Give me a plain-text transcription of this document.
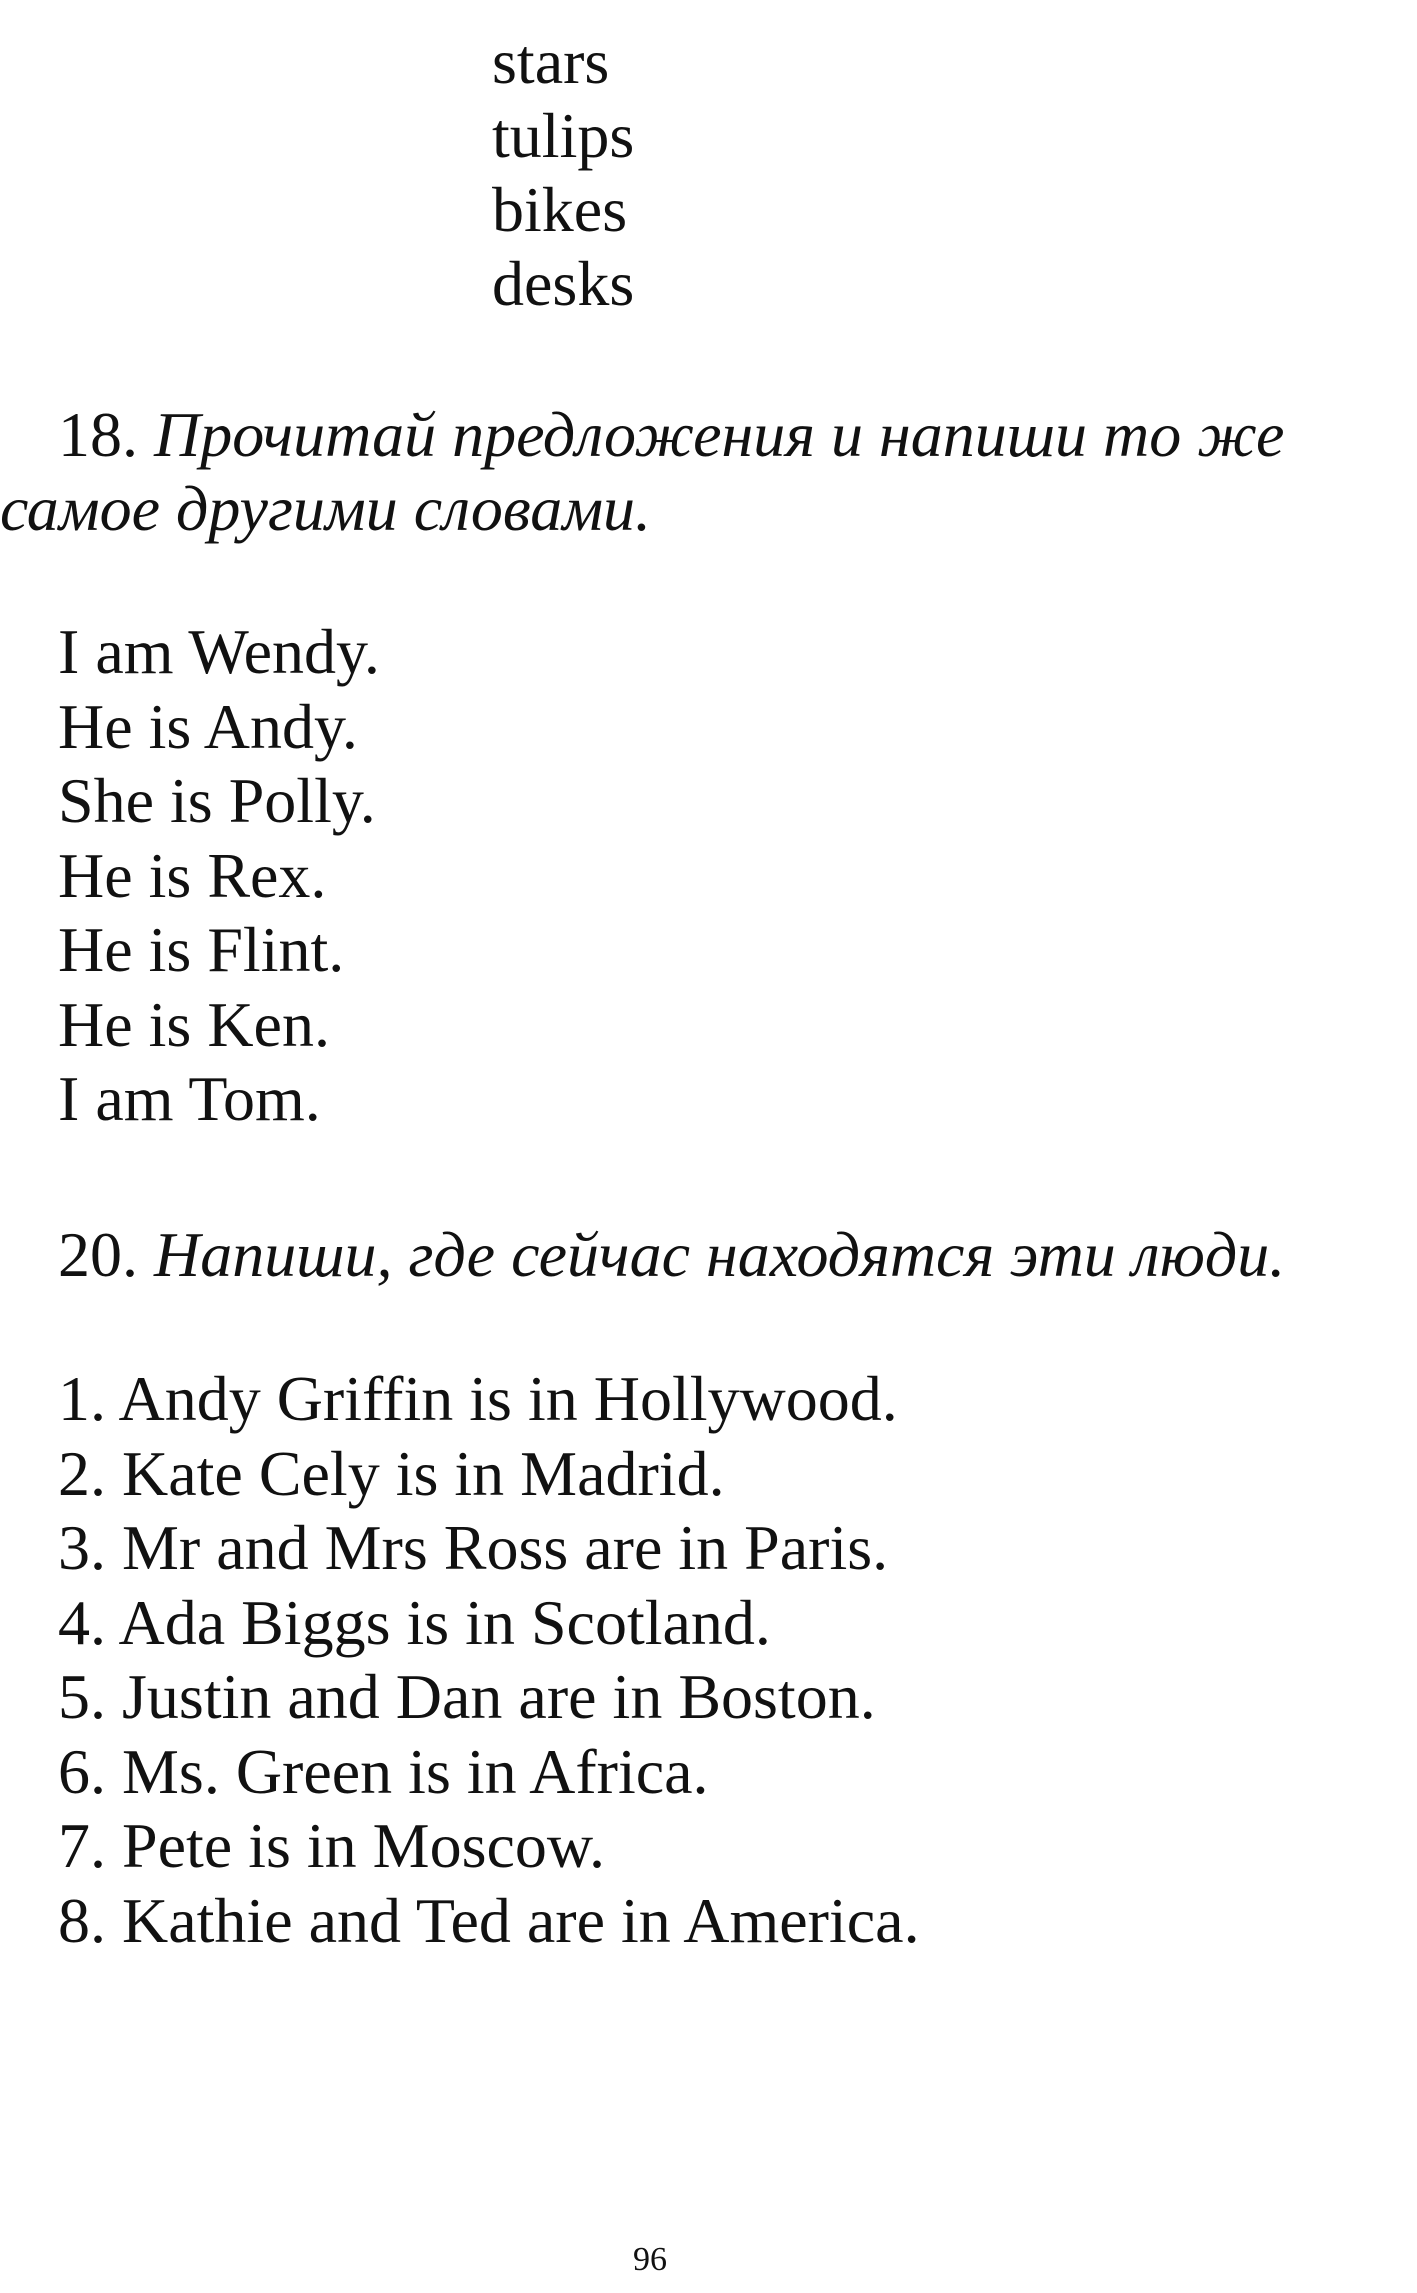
stars
tulips
bikes
desks

18. Прочитай предложения и напиши то же

самое другими словами.

I am Wendy.
He is Andy.
She is Polly.
He is Rex.
He is Flint.
He is Ken.
I am Tom.

20. Напиши, где сейчас находятся эти люди.

1. Andy Griffin is in Hollywood.
2. Kate Cely is in Madrid.
3. Mr and Mrs Ross are in Paris.
4. Ada Biggs is in Scotland.
5. Justin and Dan are in Boston.
6. Ms. Green is in Africa.
7. Pete is in Moscow.
8. Kathie and Ted are in America.
96
